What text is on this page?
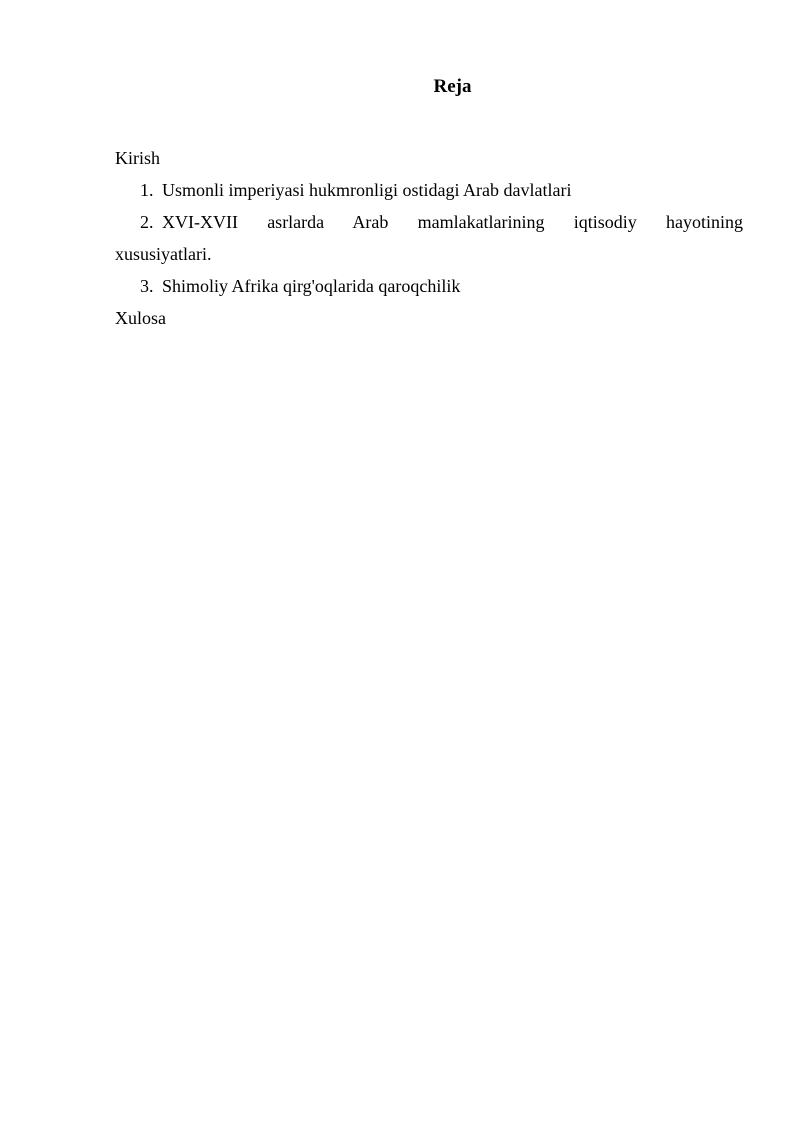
Reja
Kirish
1. Usmonli imperiyasi hukmronligi ostidagi Arab davlatlari
2. XVI-XVII asrlarda Arab mamlakatlarining iqtisodiy hayotining
xususiyatlari.
3. Shimoliy Afrika qirg'oqlarida qaroqchilik
Xulosa
